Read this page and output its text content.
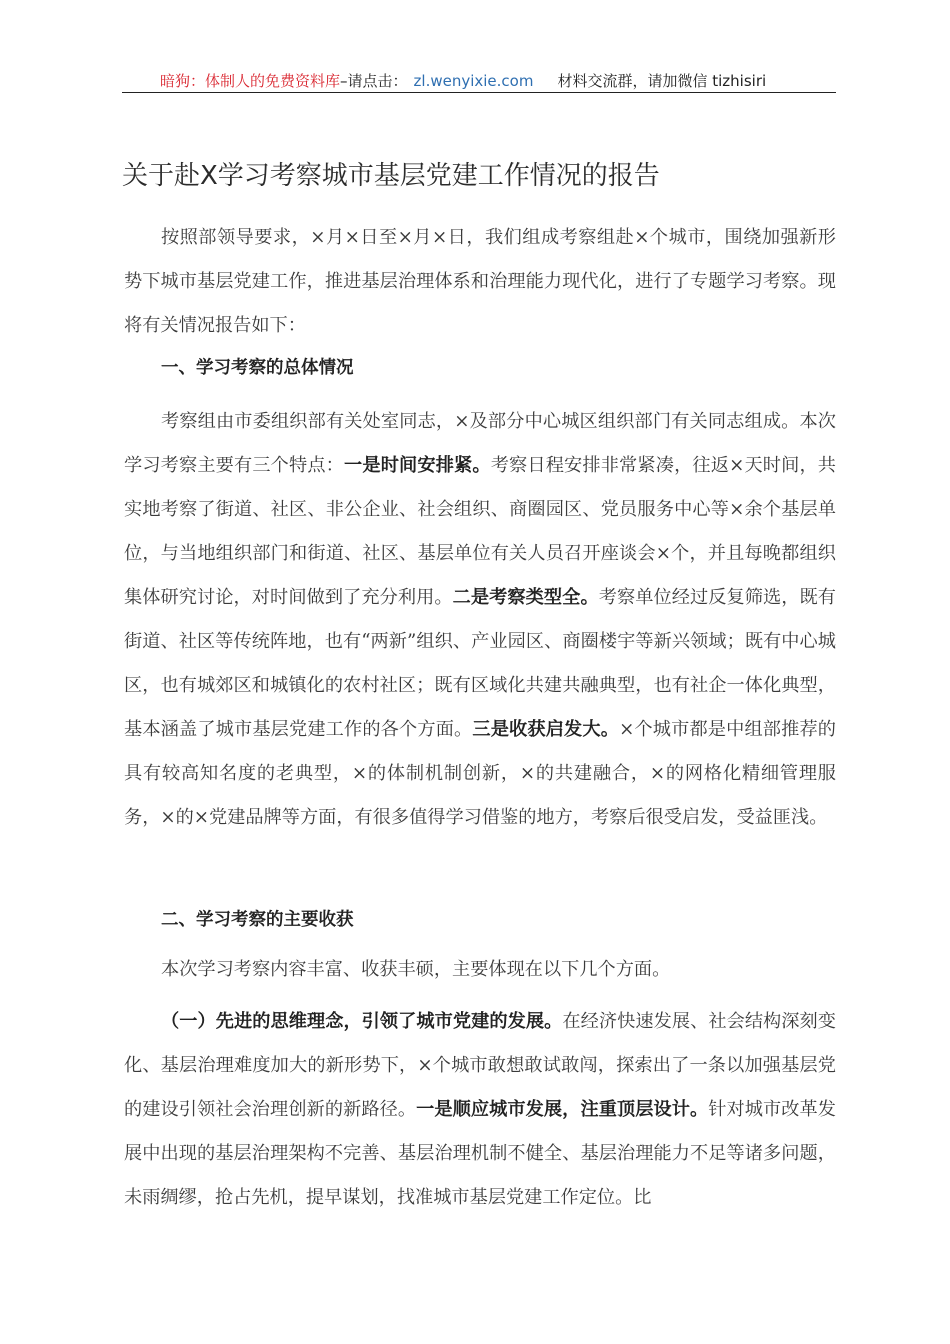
暗狗：体制人的免费资料库–请点击： zl.wenyixie.com 材料交流群，请加微信 tizhisiri
关于赴X学习考察城市基层党建工作情况的报告
按照部领导要求，×月×日至×月×日，我们组成考察组赴×个城市，围绕加强新形势下城市基层党建工作，推进基层治理体系和治理能力现代化，进行了专题学习考察。现将有关情况报告如下：
一、学习考察的总体情况
考察组由市委组织部有关处室同志，×及部分中心城区组织部门有关同志组成。本次学习考察主要有三个特点：一是时间安排紧。考察日程安排非常紧凑，往返×天时间，共实地考察了街道、社区、非公企业、社会组织、商圈园区、党员服务中心等×余个基层单位，与当地组织部门和街道、社区、基层单位有关人员召开座谈会×个，并且每晚都组织集体研究讨论，对时间做到了充分利用。二是考察类型全。考察单位经过反复筛选，既有街道、社区等传统阵地，也有“两新”组织、产业园区、商圈楼宇等新兴领域；既有中心城区，也有城郊区和城镇化的农村社区；既有区域化共建共融典型，也有社企一体化典型，基本涵盖了城市基层党建工作的各个方面。三是收获启发大。×个城市都是中组部推荐的具有较高知名度的老典型，×的体制机制创新，×的共建融合，×的网格化精细管理服务，×的×党建品牌等方面，有很多值得学习借鉴的地方，考察后很受启发，受益匪浅。
二、学习考察的主要收获
本次学习考察内容丰富、收获丰硕，主要体现在以下几个方面。
（一）先进的思维理念，引领了城市党建的发展。在经济快速发展、社会结构深刻变化、基层治理难度加大的新形势下，×个城市敢想敢试敢闯，探索出了一条以加强基层党的建设引领社会治理创新的新路径。一是顺应城市发展，注重顶层设计。针对城市改革发展中出现的基层治理架构不完善、基层治理机制不健全、基层治理能力不足等诸多问题，未雨绸缪，抢占先机，提早谋划，找准城市基层党建工作定位。比
